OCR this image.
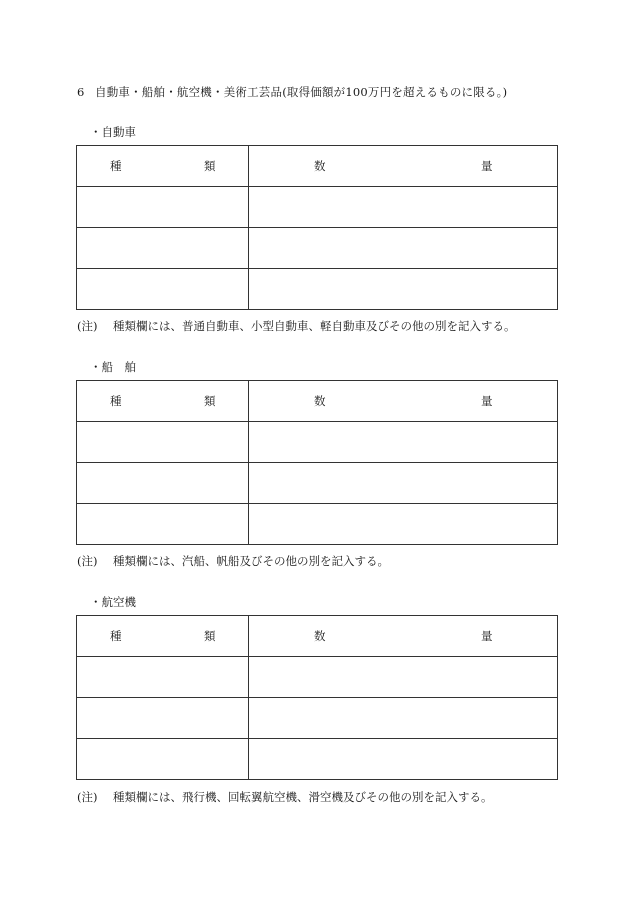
6 自動車・船舶・航空機・美術工芸品(取得価額が100万円を超えるものに限る。)
・自動車
種 類	数 量

(注) 種類欄には、普通自動車、小型自動車、軽自動車及びその他の別を記入する。
・船　舶
種 類	数 量

(注) 種類欄には、汽船、帆船及びその他の別を記入する。
・航空機
種 類	数 量

(注) 種類欄には、飛行機、回転翼航空機、滑空機及びその他の別を記入する。
